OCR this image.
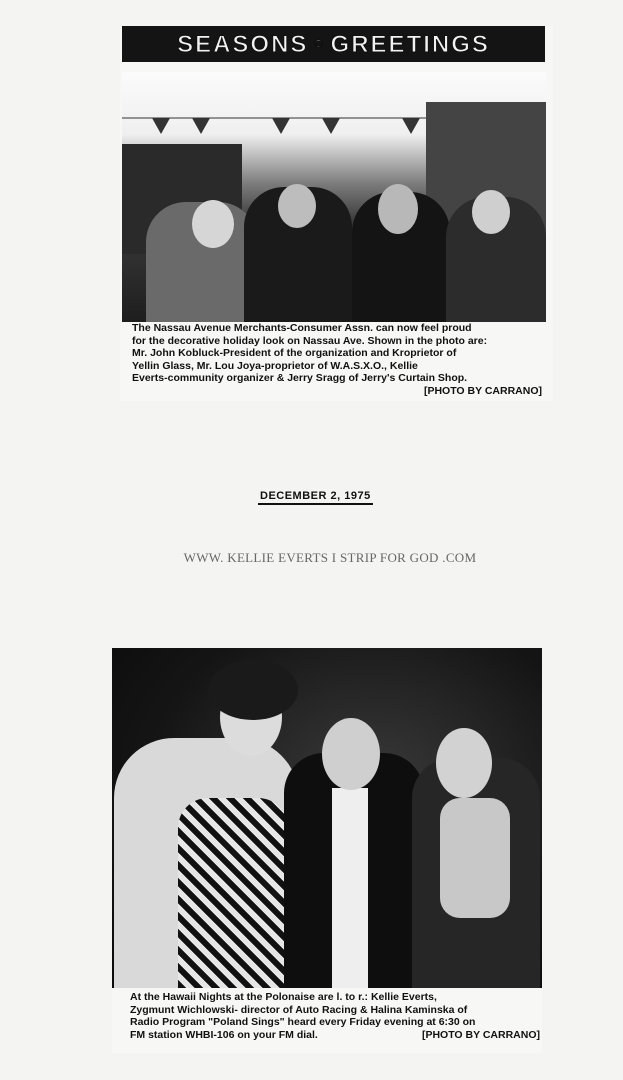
SEASONS⚬GREETINGS
The Nassau Avenue Merchants-Consumer Assn. can now feel proud
for the decorative holiday look on Nassau Ave. Shown in the photo are:
Mr. John Kobluck-President of the organization and Kroprietor of
Yellin Glass, Mr. Lou Joya-proprietor of W.A.S.X.O., Kellie
Everts-community organizer & Jerry Sragg of Jerry's Curtain Shop.
[PHOTO BY CARRANO]
DECEMBER 2, 1975
WWW. KELLIE EVERTS I STRIP FOR GOD .COM
At the Hawaii Nights at the Polonaise are l. to r.: Kellie Everts,
Zygmunt Wichlowski- director of Auto Racing & Halina Kaminska of
Radio Program "Poland Sings" heard every Friday evening at 6:30 on
FM station WHBI-106 on your FM dial.	[PHOTO BY CARRANO]
